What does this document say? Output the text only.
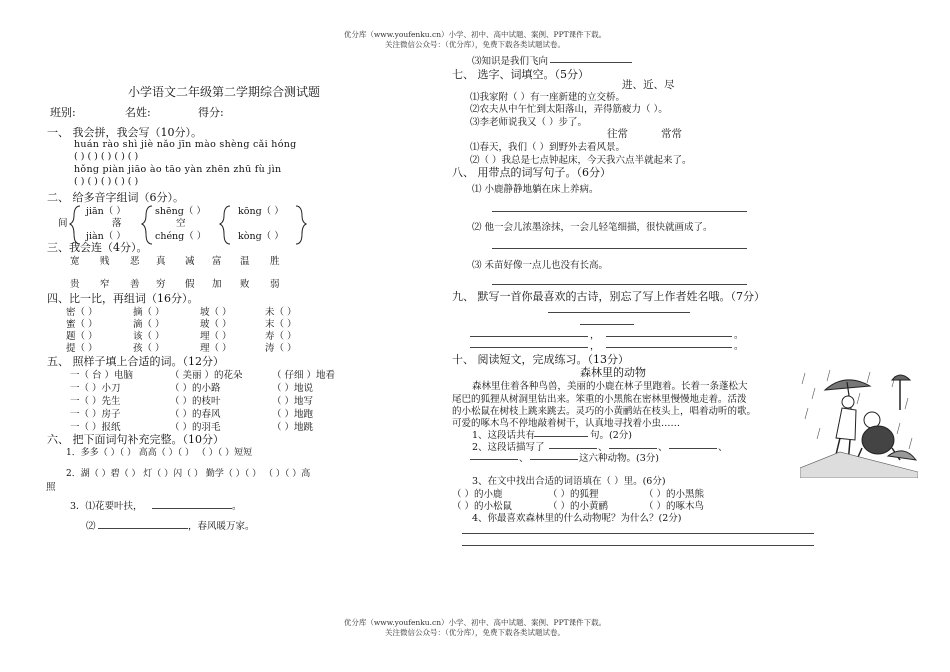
优分库（www.youfenku.cn）小学、初中、高中试题、案例、PPT课件下载。
关注微信公众号：（优分库），免费下载各类试题试卷。
优分库（www.youfenku.cn）小学、初中、高中试题、案例、PPT课件下载。
关注微信公众号：（优分库），免费下载各类试题试卷。
小学语文二年级第二学期综合测试题
班别:	名姓:	得分:
一、 我会拼，我会写（10分）。
huán rào shì jiè nǎo jīn mào shèng cǎi hóng
( ) ( ) ( ) ( ) ( )
hǒng piàn jiāo ào tāo yàn zhēn zhū fù jìn
( ) ( ) ( ) ( ) ( )
二、 给多音字组词（6分）。
间
jiān（ ）
jiàn（ ）
落
shēng（ ）
chéng（ ）
空
kōng（ ）
kòng（ ）
三、我会连（4分）。
宽 贱 恶 真 减 富 温 胜
贵 窄 善 穷 假 加 败 弱
四、比一比，再组词（16分）。
密（ ）	摘（ ）	坡（ ）	未（ ）
蜜（ ）	滴（ ）	玻（ ）	末（ ）
题（ ）	该（ ）	埋（ ）	寿（ ）
提（ ）	孩（ ）	理（ ）	涛（ ）
五、 照样子填上合适的词。（12分）
一（ 台 ）电脑	（ 美丽 ）的花朵	（ 仔细 ）地看
一（ ）小刀	（ ）的小路	（ ）地说
一（ ）先生	（ ）的枝叶	（ ）地写
一（ ）房子	（ ）的春风	（ ）地跑
一（ ）报纸	（ ）的羽毛	（ ）地跳
六、 把下面词句补充完整。（10分）
1．多多（ ）（ ） 高高（ ）（ ） （ ）（ ）短短
2．湖（ ）碧（ ） 灯（ ）闪（ ） 勤学（ ）（ ） （ ）（ ）高
照
3．⑴花要叶扶，	。
⑵	，春风暖万家。
⑶知识是我们飞向
七、 选字、词填空。（5分）
进、近、尽
⑴我家附（ ）有一座新建的立交桥。
⑵农夫从中午忙到太阳落山，弄得筋疲力（ ）。
⑶李老师说我又（ ）步了。
往常	常常
⑴春天，我们（ ）到野外去看风景。
⑵（ ）我总是七点钟起床，今天我六点半就起来了。
八、 用带点的词写句子。（6分）
⑴ 小鹿静静地躺在床上养病。
⑵ 他一会儿浓墨涂抹，一会儿轻笔细描，很快就画成了。
⑶ 禾苗好像一点儿也没有长高。
九、 默写一首你最喜欢的古诗，别忘了写上作者姓名哦。（7分）
，	。
，	。
十、 阅读短文，完成练习。（13分）
森林里的动物
森林里住着各种鸟兽，美丽的小鹿在林子里跑着。长着一条蓬松大
尾巴的狐狸从树洞里钻出来。笨重的小黑熊在密林里慢慢地走着。活泼
的小松鼠在树枝上跳来跳去。灵巧的小黄鹂站在枝头上，唱着动听的歌。
可爱的啄木鸟不停地敲着树干，认真地寻找着小虫……
1、这段话共有	句。(2分)
2、这段话描写了	、	、	、
、	这六种动物。(3分)
3、在文中找出合适的词语填在（ ）里。(6分)
（ ）的小鹿	（ ）的狐狸	（ ）的小黑熊
（ ）的小松鼠	（ ）的小黄鹂	（ ）的啄木鸟
4、你最喜欢森林里的什么动物呢？为什么？(2分)
